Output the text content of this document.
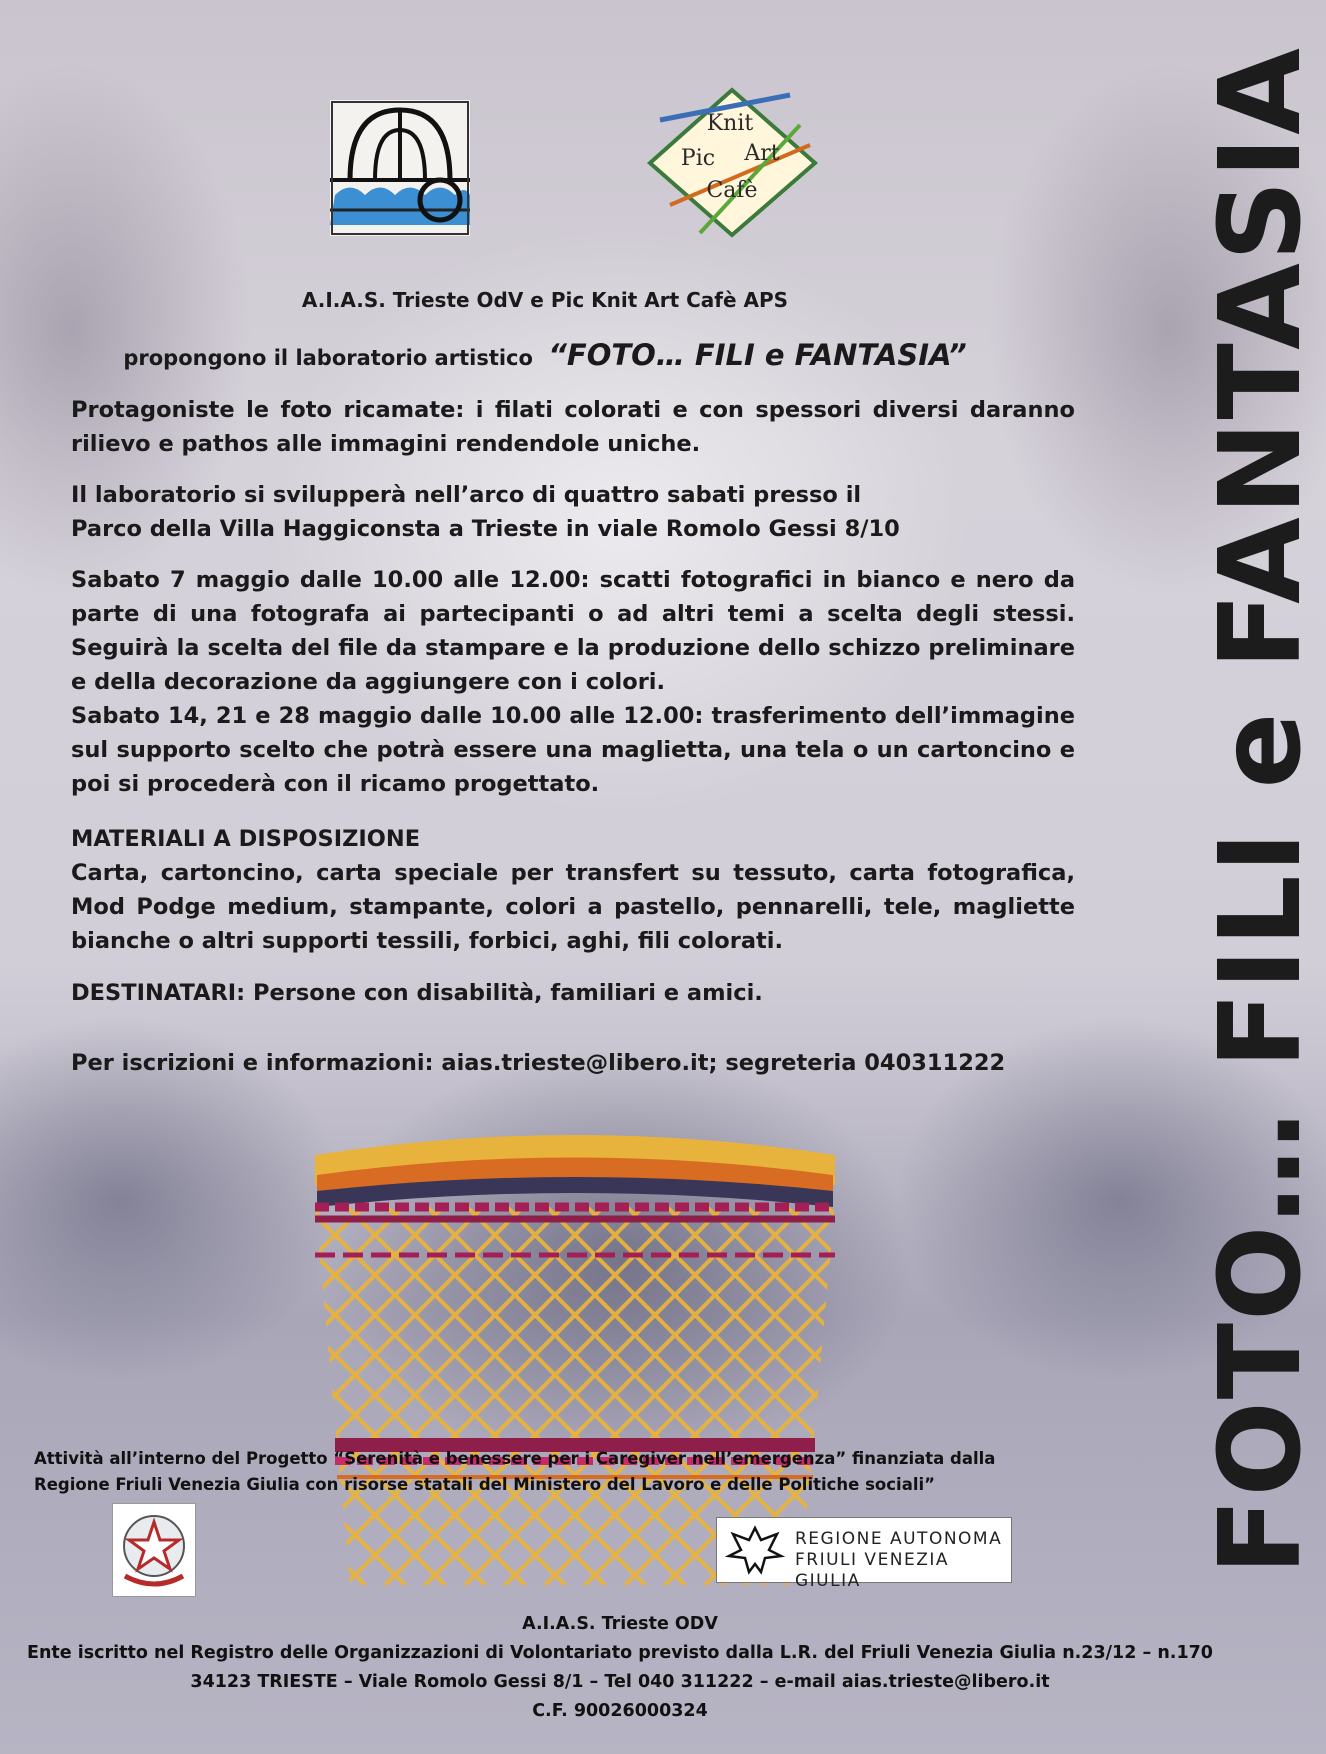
Knit
Pic Art
Cafè
A.I.A.S. Trieste OdV e Pic Knit Art Cafè APS
propongono il laboratorio artistico “FOTO… FILI e FANTASIA”

Protagoniste le foto ricamate: i filati colorati e con spessori diversi daranno rilievo e pathos alle immagini rendendole uniche.

Il laboratorio si svilupperà nell’arco di quattro sabati presso il

Parco della Villa Haggiconsta a Trieste in viale Romolo Gessi 8/10

Sabato 7 maggio dalle 10.00 alle 12.00: scatti fotografici in bianco e nero da parte di una fotografa ai partecipanti o ad altri temi a scelta degli stessi. Seguirà la scelta del file da stampare e la produzione dello schizzo preliminare e della decorazione da aggiungere con i colori.

Sabato 14, 21 e 28 maggio dalle 10.00 alle 12.00: trasferimento dell’immagine sul supporto scelto che potrà essere una maglietta, una tela o un cartoncino e poi si procederà con il ricamo progettato.

MATERIALI A DISPOSIZIONE

Carta, cartoncino, carta speciale per transfert su tessuto, carta fotografica, Mod Podge medium, stampante, colori a pastello, pennarelli, tele, magliette bianche o altri supporti tessili, forbici, aghi, fili colorati.

DESTINATARI: Persone con disabilità, familiari e amici.

Per iscrizioni e informazioni: aias.trieste@libero.it; segreteria 040311222	FOTO… FILI e FANTASIA
Attività all’interno del Progetto “Serenità e benessere per i Caregiver nell’emergenza” finanziata dalla
Regione Friuli Venezia Giulia con risorse statali del Ministero del Lavoro e delle Politiche sociali”
REGIONE AUTONOMA
FRIULI VENEZIA GIULIA
A.I.A.S. Trieste ODV
Ente iscritto nel Registro delle Organizzazioni di Volontariato previsto dalla L.R. del Friuli Venezia Giulia n.23/12 – n.170
34123 TRIESTE – Viale Romolo Gessi 8/1 – Tel 040 311222 – e-mail aias.trieste@libero.it
C.F. 90026000324
